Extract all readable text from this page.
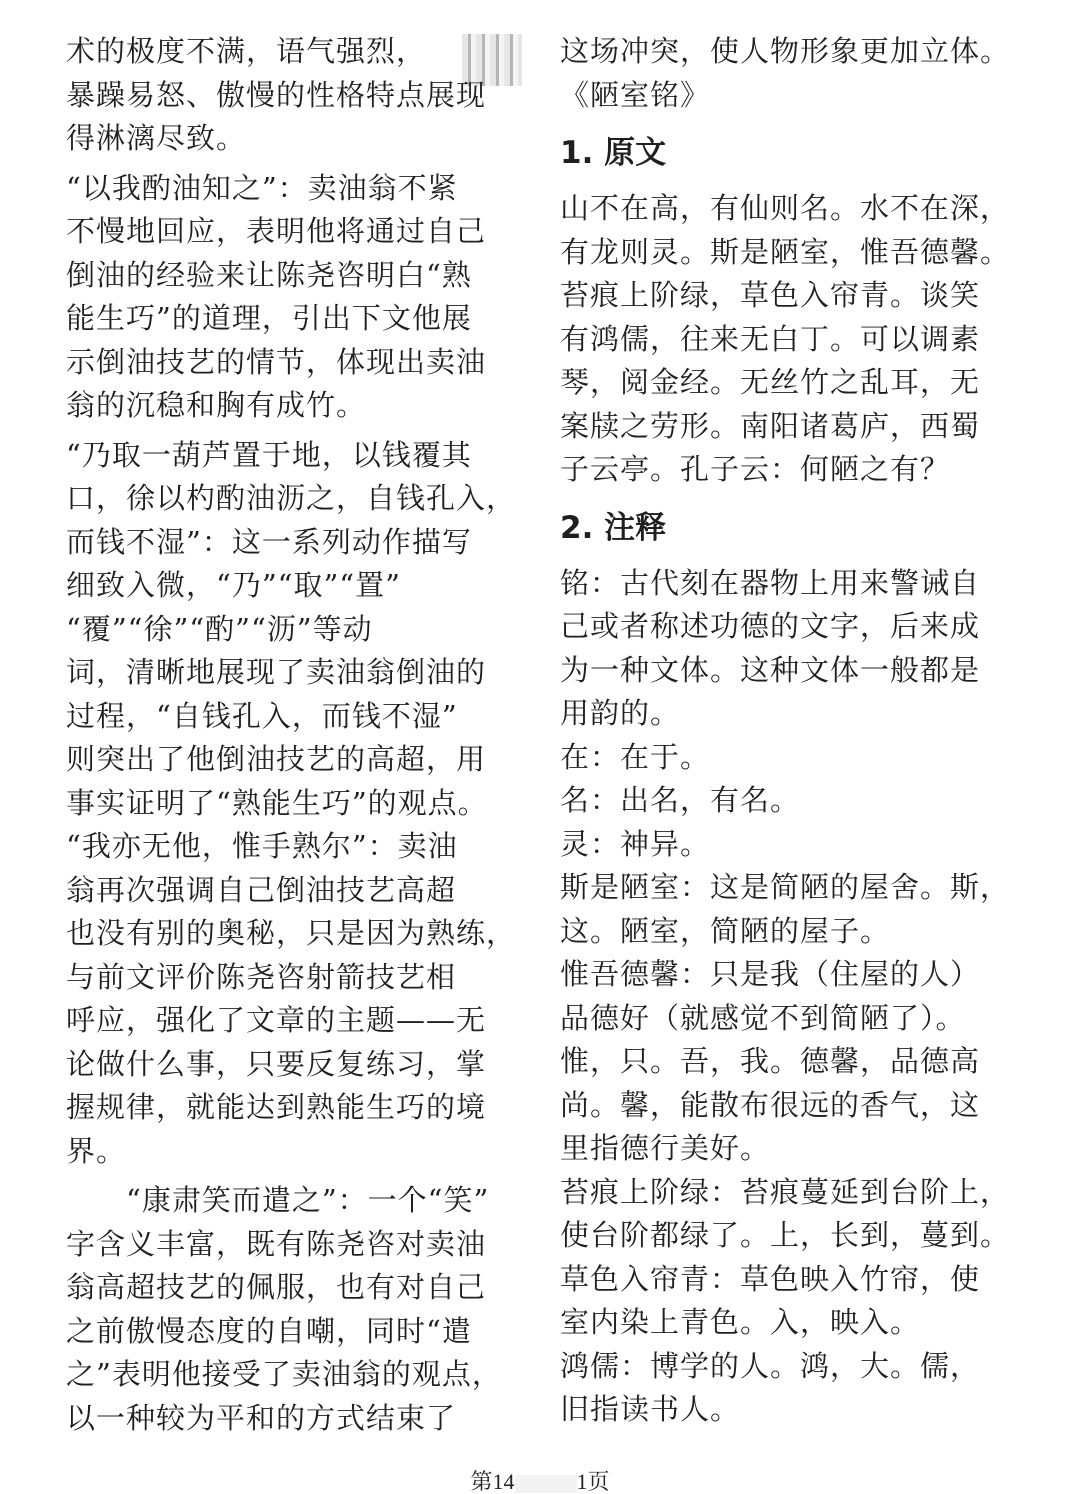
术的极度不满，语气强烈，

暴躁易怒、傲慢的性格特点展现

得淋漓尽致。

“以我酌油知之”：卖油翁不紧

不慢地回应，表明他将通过自己

倒油的经验来让陈尧咨明白“熟

能生巧”的道理，引出下文他展

示倒油技艺的情节，体现出卖油

翁的沉稳和胸有成竹。

“乃取一葫芦置于地，以钱覆其

口，徐以杓酌油沥之，自钱孔入，

而钱不湿”：这一系列动作描写

细致入微，“乃”“取”“置”

“覆”“徐”“酌”“沥”等动

词，清晰地展现了卖油翁倒油的

过程，“自钱孔入，而钱不湿”

则突出了他倒油技艺的高超，用

事实证明了“熟能生巧”的观点。

“我亦无他，惟手熟尔”：卖油

翁再次强调自己倒油技艺高超

也没有别的奥秘，只是因为熟练，

与前文评价陈尧咨射箭技艺相

呼应，强化了文章的主题——无

论做什么事，只要反复练习，掌

握规律，就能达到熟能生巧的境

界。

　　“康肃笑而遣之”：一个“笑”

字含义丰富，既有陈尧咨对卖油

翁高超技艺的佩服，也有对自己

之前傲慢态度的自嘲，同时“遣

之”表明他接受了卖油翁的观点，

以一种较为平和的方式结束了

这场冲突，使人物形象更加立体。

《陋室铭》

1. 原文

山不在高，有仙则名。水不在深，

有龙则灵。斯是陋室，惟吾德馨。

苔痕上阶绿，草色入帘青。谈笑

有鸿儒，往来无白丁。可以调素

琴，阅金经。无丝竹之乱耳，无

案牍之劳形。南阳诸葛庐，西蜀

子云亭。孔子云：何陋之有？

2. 注释

铭：古代刻在器物上用来警诫自

己或者称述功德的文字，后来成

为一种文体。这种文体一般都是

用韵的。

在：在于。

名：出名，有名。

灵：神异。

斯是陋室：这是简陋的屋舍。斯，

这。陋室，简陋的屋子。

惟吾德馨：只是我（住屋的人）

品德好（就感觉不到简陋了）。

惟，只。吾，我。德馨，品德高

尚。馨，能散布很远的香气，这

里指德行美好。

苔痕上阶绿：苔痕蔓延到台阶上，

使台阶都绿了。上，长到，蔓到。

草色入帘青：草色映入竹帘，使

室内染上青色。入，映入。

鸿儒：博学的人。鸿，大。儒，

旧指读书人。

第14	1页
